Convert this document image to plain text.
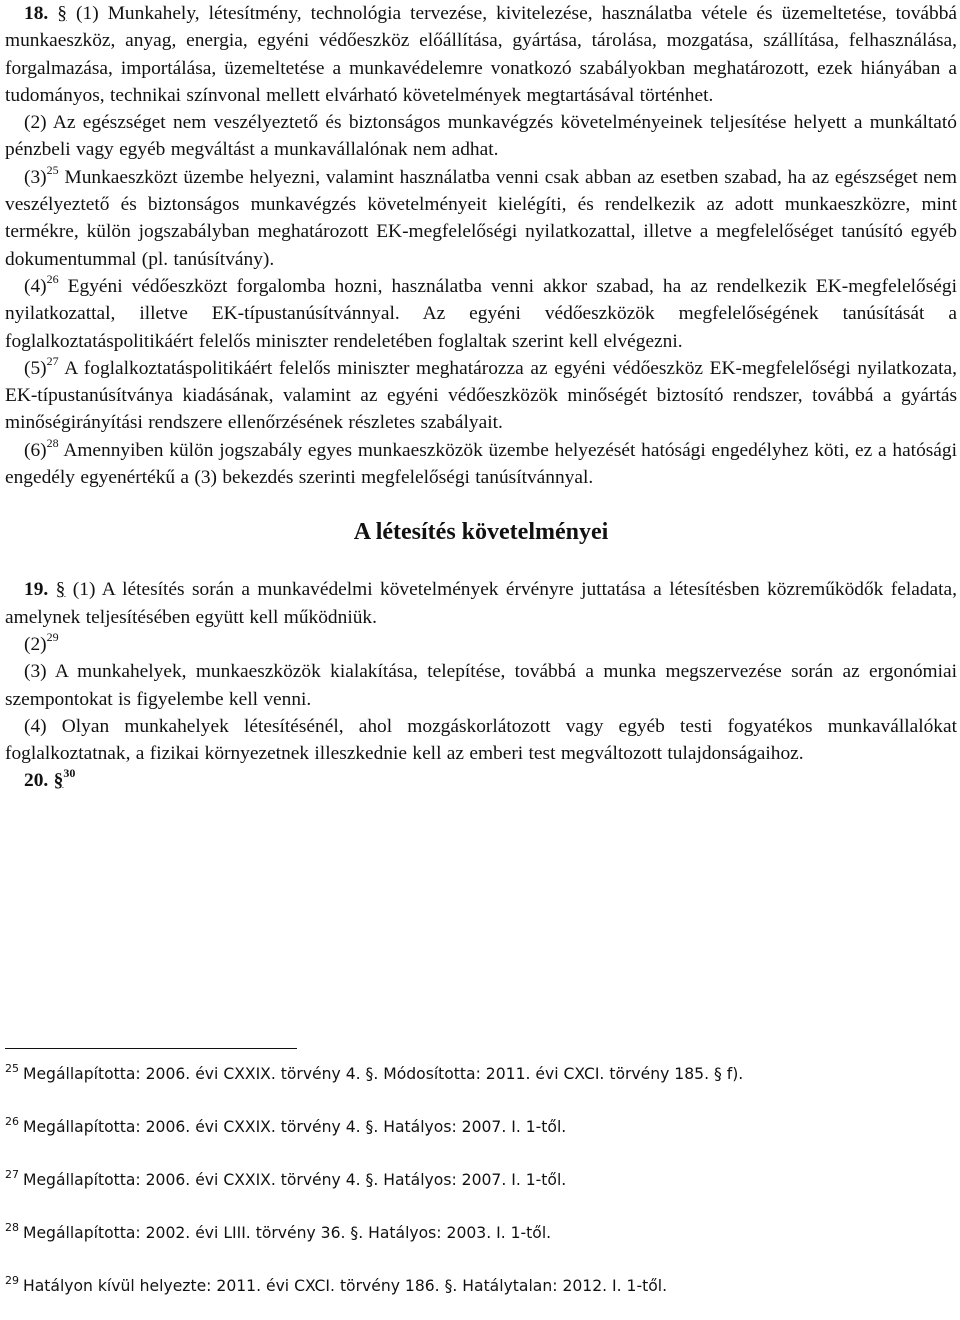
18. § (1) Munkahely, létesítmény, technológia tervezése, kivitelezése, használatba vétele és üzemeltetése, továbbá munkaeszköz, anyag, energia, egyéni védőeszköz előállítása, gyártása, tárolása, mozgatása, szállítása, felhasználása, forgalmazása, importálása, üzemeltetése a munkavédelemre vonatkozó szabályokban meghatározott, ezek hiányában a tudományos, technikai színvonal mellett elvárható követelmények megtartásával történhet.

(2) Az egészséget nem veszélyeztető és biztonságos munkavégzés követelményeinek teljesítése helyett a munkáltató pénzbeli vagy egyéb megváltást a munkavállalónak nem adhat.

(3)$^{25}$ Munkaeszközt üzembe helyezni, valamint használatba venni csak abban az esetben szabad, ha az egészséget nem veszélyeztető és biztonságos munkavégzés követelményeit kielégíti, és rendelkezik az adott munkaeszközre, mint termékre, külön jogszabályban meghatározott EK-megfelelőségi nyilatkozattal, illetve a megfelelőséget tanúsító egyéb dokumentummal (pl. tanúsítvány).

(4)$^{26}$ Egyéni védőeszközt forgalomba hozni, használatba venni akkor szabad, ha az rendelkezik EK-megfelelőségi nyilatkozattal, illetve EK-típustanúsítvánnyal. Az egyéni védőeszközök megfelelőségének tanúsítását a foglalkoztatáspolitikáért felelős miniszter rendeletében foglaltak szerint kell elvégezni.

(5)$^{27}$ A foglalkoztatáspolitikáért felelős miniszter meghatározza az egyéni védőeszköz EK-megfelelőségi nyilatkozata, EK-típustanúsítványa kiadásának, valamint az egyéni védőeszközök minőségét biztosító rendszer, továbbá a gyártás minőségirányítási rendszere ellenőrzésének részletes szabályait.

(6)$^{28}$ Amennyiben külön jogszabály egyes munkaeszközök üzembe helyezését hatósági engedélyhez köti, ez a hatósági engedély egyenértékű a (3) bekezdés szerinti megfelelőségi tanúsítvánnyal.

A létesítés követelményei

19. § (1) A létesítés során a munkavédelmi követelmények érvényre juttatása a létesítésben közreműködők feladata, amelynek teljesítésében együtt kell működniük.

(2)$^{29}$

(3) A munkahelyek, munkaeszközök kialakítása, telepítése, továbbá a munka megszervezése során az ergonómiai szempontokat is figyelembe kell venni.

(4) Olyan munkahelyek létesítésénél, ahol mozgáskorlátozott vagy egyéb testi fogyatékos munkavállalókat foglalkoztatnak, a fizikai környezetnek illeszkednie kell az emberi test megváltozott tulajdonságaihoz.

20. §$^{30}$

$^{25}$ Megállapította: 2006. évi CXXIX. törvény 4. §. Módosította: 2011. évi CXCI. törvény 185. § f).
$^{26}$ Megállapította: 2006. évi CXXIX. törvény 4. §. Hatályos: 2007. I. 1-től.
$^{27}$ Megállapította: 2006. évi CXXIX. törvény 4. §. Hatályos: 2007. I. 1-től.
$^{28}$ Megállapította: 2002. évi LIII. törvény 36. §. Hatályos: 2003. I. 1-től.
$^{29}$ Hatályon kívül helyezte: 2011. évi CXCI. törvény 186. §. Hatálytalan: 2012. I. 1-től.
